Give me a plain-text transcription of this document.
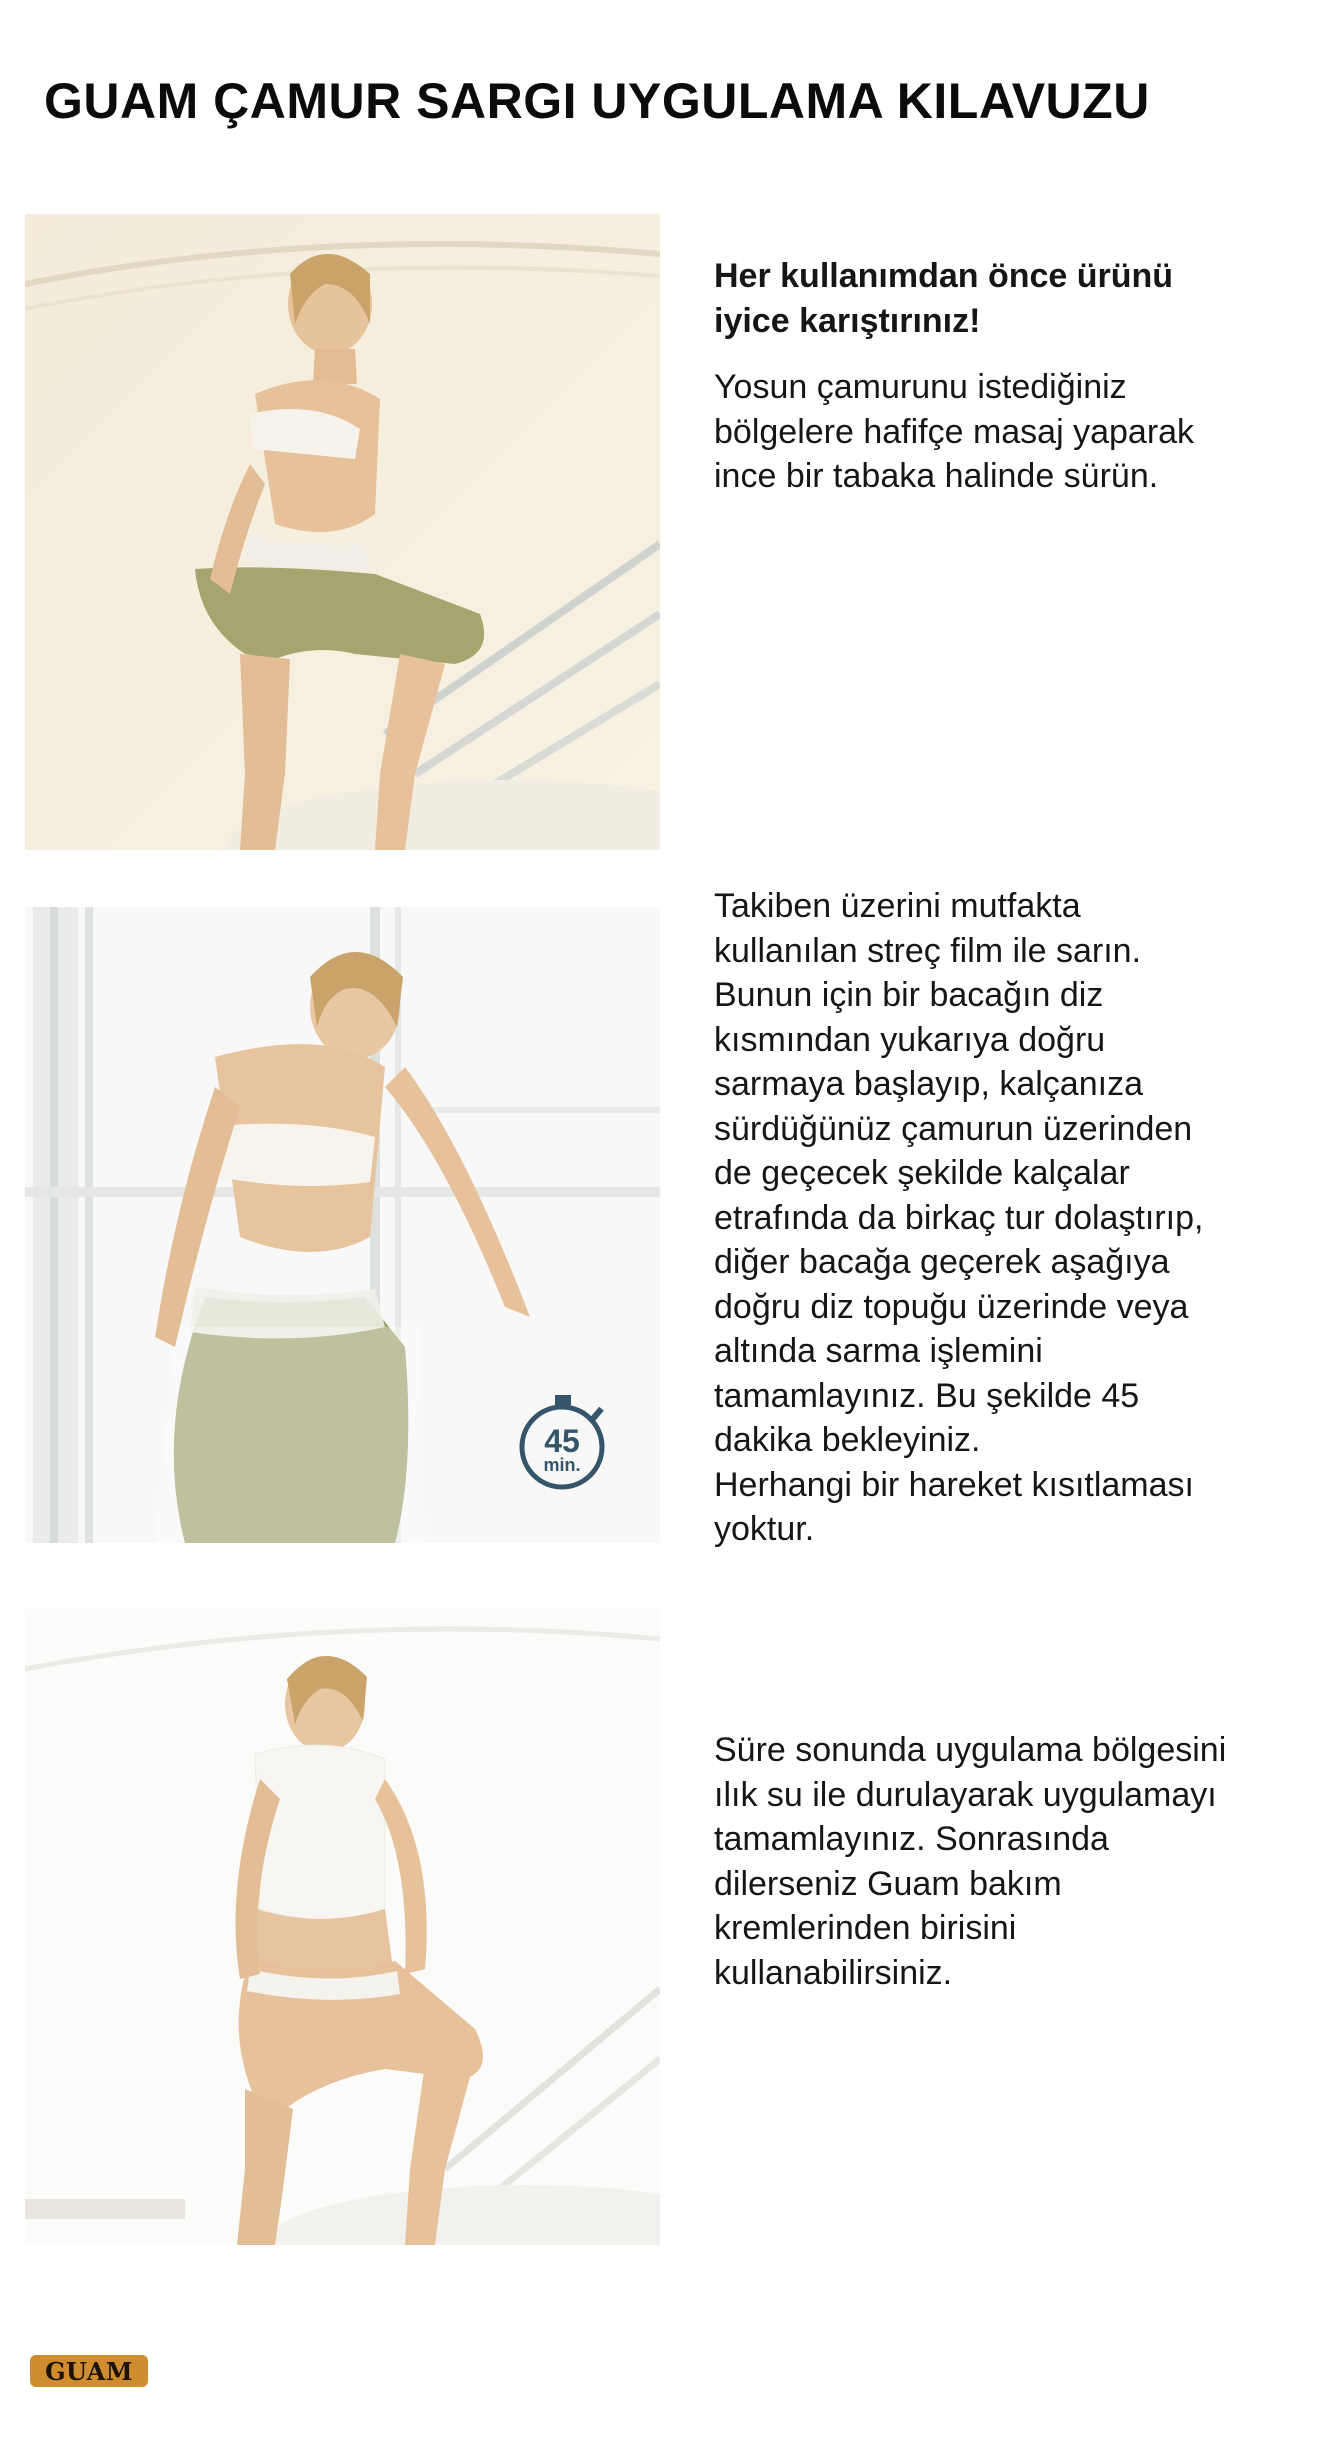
GUAM ÇAMUR SARGI UYGULAMA KILAVUZU

Her kullanımdan önce ürünü
iyice karıştırınız!

Yosun çamurunu istediğiniz
bölgelere hafifçe masaj yaparak
ince bir tabaka halinde sürün.

45
min.

Takiben üzerini mutfakta
kullanılan streç film ile sarın.
Bunun için bir bacağın diz
kısmından yukarıya doğru
sarmaya başlayıp, kalçanıza
sürdüğünüz çamurun üzerinden
de geçecek şekilde kalçalar
etrafında da birkaç tur dolaştırıp,
diğer bacağa geçerek aşağıya
doğru diz topuğu üzerinde veya
altında sarma işlemini
tamamlayınız. Bu şekilde 45
dakika bekleyiniz.
Herhangi bir hareket kısıtlaması
yoktur.

Süre sonunda uygulama bölgesini
ılık su ile durulayarak uygulamayı
tamamlayınız. Sonrasında
dilerseniz Guam bakım
kremlerinden birisini
kullanabilirsiniz.

GUAM
